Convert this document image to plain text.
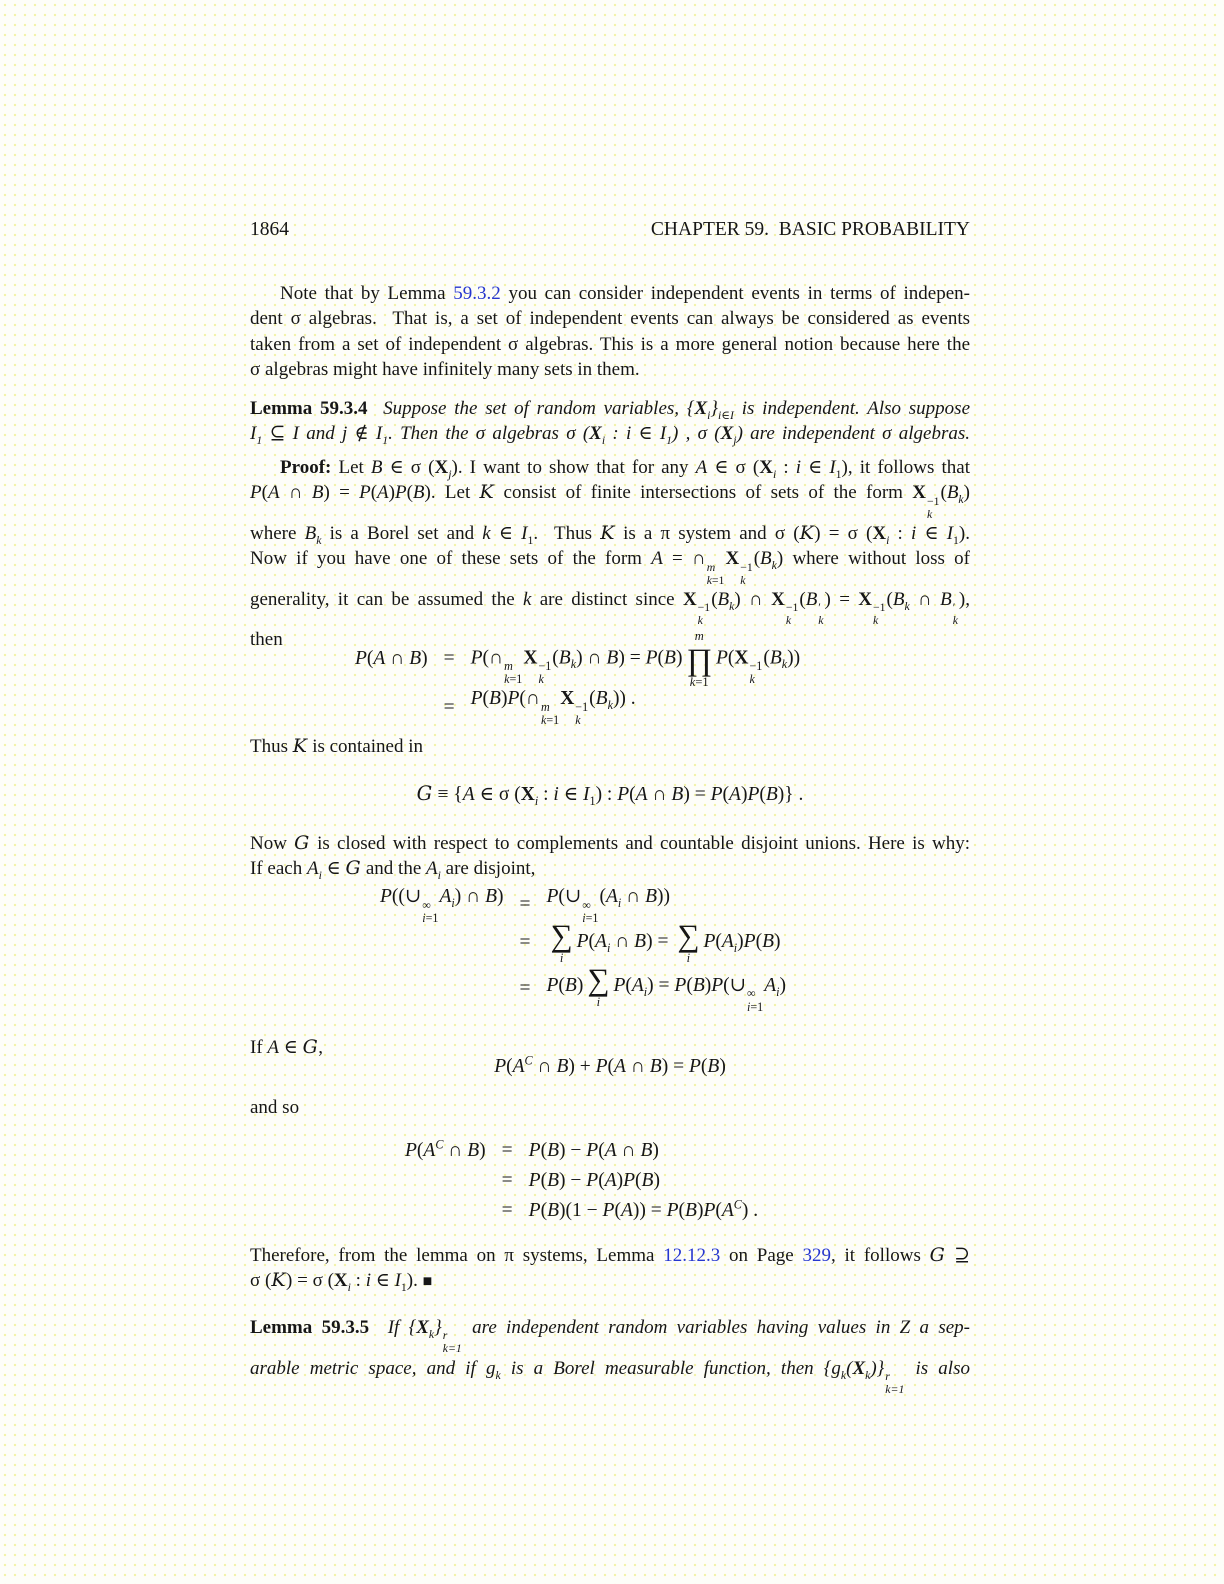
1864	CHAPTER 59.  BASIC PROBABILITY
Note that by Lemma 59.3.2 you can consider independent events in terms of indepen-
dent σ algebras.  That is, a set of independent events can always be considered as events
taken from a set of independent σ algebras. This is a more general notion because here the
σ algebras might have infinitely many sets in them.
Lemma 59.3.4  Suppose the set of random variables, $\{X_i\}_{i\in I}$ is independent. Also suppose
$I_1$ ⊆ I and j ∉ $I_1$. Then the σ algebras σ ($X_i$ : i ∈ $I_1$) , σ $(X_j)$ are independent σ algebras.
Proof: Let B ∈ σ $(X_j)$. I want to show that for any A ∈ σ ($X_i$ : i ∈ $I_1$), it follows that
P(A ∩ B) = P(A)P(B). Let K consist of finite intersections of sets of the form X −1
k
$(B_k)$
where $B_k$ is a Borel set and k ∈ $I_1$.  Thus K is a π system and σ (K) = σ ($X_i$ : i ∈ $I_1$).
Now if you have one of these sets of the form A = ∩ m
k=1
X −1
k
$(B_k)$ where without loss of
generality, it can be assumed the k are distinct since X −1
k
$(B_k)$ ∩ X −1
k
(B ′
k
) = X −1
k
($B_k$ ∩ B ′
k
),
then
P(A ∩ B) = P(∩ m
k=1
X −1
k
$(B_k)$ ∩ B) = P(B)
m
∏
k=1
P(X −1
k
$(B_k)$)
= P(B)P(∩ m
k=1
X −1
k
$(B_k)$) .
Thus K is contained in
G ≡ {A ∈ σ ($X_i$ : i ∈ $I_1$) : P(A ∩ B) = P(A)P(B)} .
Now G is closed with respect to complements and countable disjoint unions. Here is why:
If each $A_i$ ∈ G and the $A_i$ are disjoint,
P((∪ ∞
i=1
$A_i$) ∩ B) = P(∪ ∞
i=1
($A_i$ ∩ B))
= ∑
i
$P(A_i$ ∩ B) = ∑
i
$P(A_i)P(B)$
= P(B) ∑
i
$P(A_i)$ = P(B)P(∪ ∞
i=1
$A_i$)
If A ∈ G,
$P(A^C$ ∩ B) + P(A ∩ B) = P(B)
and so
$P(A^C$ ∩ B) = P(B) − P(A ∩ B)
= P(B) − P(A)P(B)
= $P(B)(1 - P(A)) = P(B)P(A^C)$ .
Therefore, from the lemma on π systems, Lemma 12.12.3 on Page 329, it follows G ⊇
σ (K) = σ ($X_i$ : i ∈ $I_1$). ■
Lemma 59.3.5  If $\{X_k\}$ r
k=1
are independent random variables having values in Z a sep-
arable metric space, and if $g_k$ is a Borel measurable function, then $\{g_k(X_k)\}$ r
k=1
is also
